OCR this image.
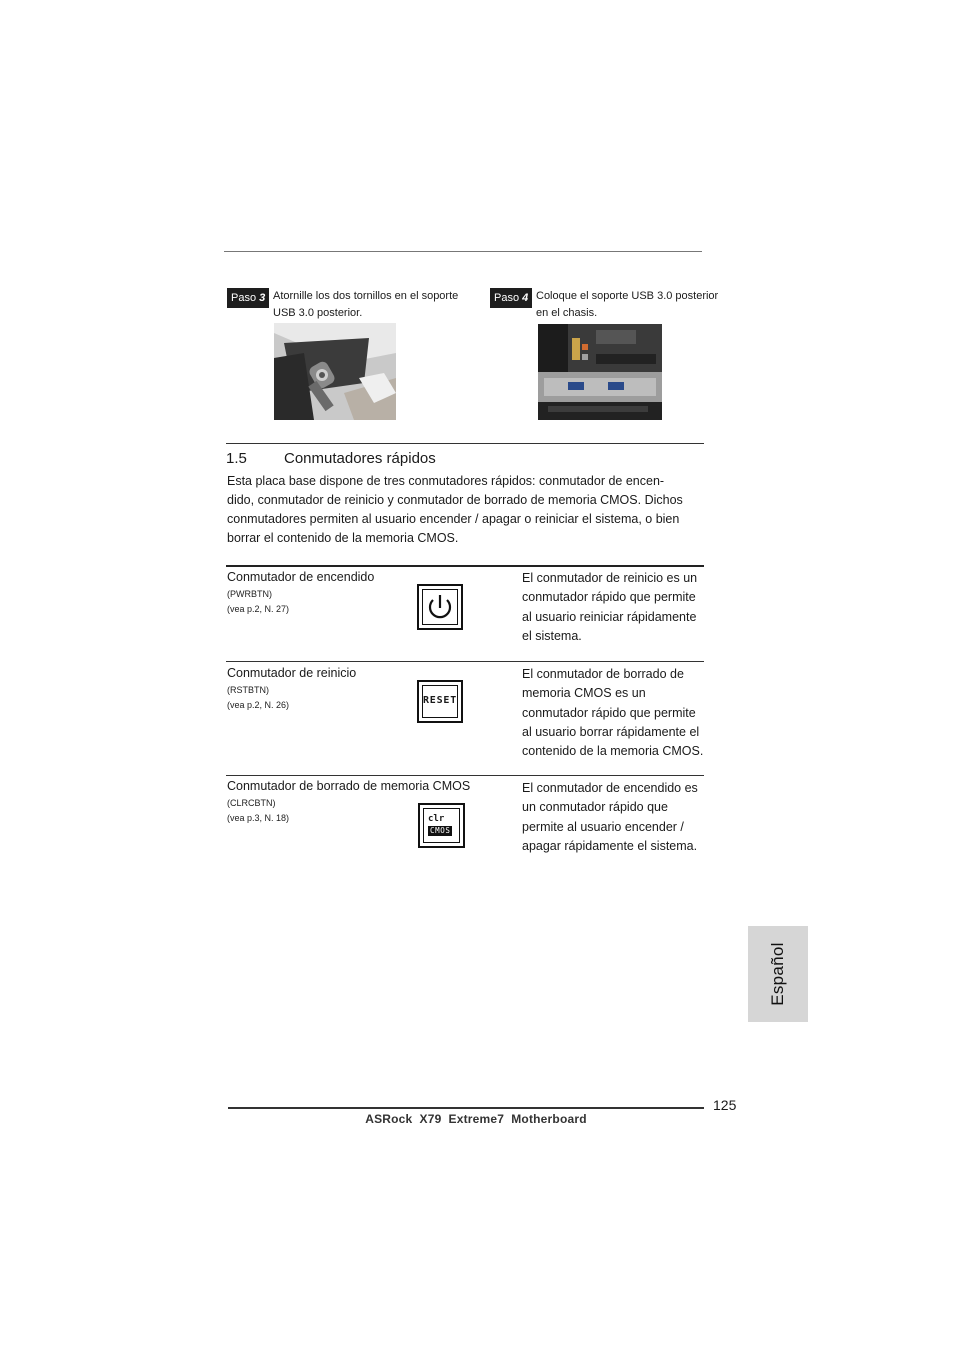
Paso 3 Atornille los dos tornillos en el soporte
USB 3.0 posterior.
Paso 4 Coloque el soporte USB 3.0 posterior
en el chasis.
1.5 Conmutadores rápidos
Esta placa base dispone de tres conmutadores rápidos: conmutador de encen-
dido, conmutador de reinicio y conmutador de borrado de memoria CMOS. Dichos
conmutadores permiten al usuario encender / apagar o reiniciar el sistema, o bien
borrar el contenido de la memoria CMOS.
Conmutador de encendido
(PWRBTN)
(vea p.2, N. 27)
El conmutador de reinicio es un
conmutador rápido que permite
al usuario reiniciar rápidamente
el sistema.
Conmutador de reinicio
(RSTBTN)
(vea p.2, N. 26)	RESET
El conmutador de borrado de
memoria CMOS es un
conmutador rápido que permite
al usuario borrar rápidamente el
contenido de la memoria CMOS.
Conmutador de borrado de memoria CMOS
(CLRCBTN)
(vea p.3, N. 18)	clr
CMOS
El conmutador de encendido es
un conmutador rápido que
permite al usuario encender /
apagar rápidamente el sistema.
Español
125
ASRock  X79  Extreme7  Motherboard
